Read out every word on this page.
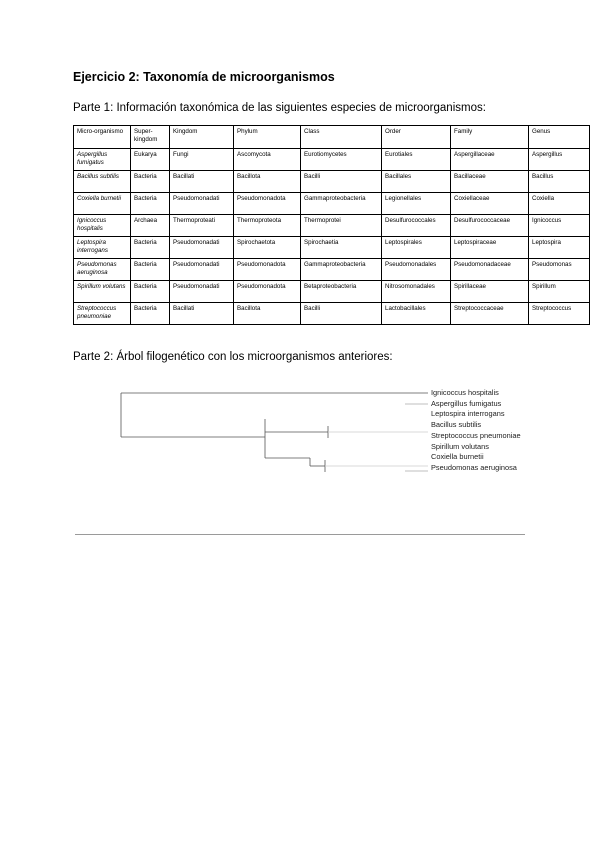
Ejercicio 2: Taxonomía de microorganismos
Parte 1: Información taxonómica de las siguientes especies de microorganismos:
Micro-organismo	Super-kingdom	Kingdom	Phylum	Class	Order	Family	Genus
Aspergillus fumigatus	Eukarya	Fungi	Ascomycota	Eurotiomycetes	Eurotiales	Aspergillaceae	Aspergillus
Bacillus subtilis	Bacteria	Bacillati	Bacillota	Bacilli	Bacillales	Bacillaceae	Bacillus
Coxiella burnetii	Bacteria	Pseudomonadati	Pseudomonadota	Gammaproteobacteria	Legionellales	Coxiellaceae	Coxiella
Ignicoccus hospitalis	Archaea	Thermoproteati	Thermoproteota	Thermoprotei	Desulfurococcales	Desulfurococcaceae	Ignicoccus
Leptospira interrogans	Bacteria	Pseudomonadati	Spirochaetota	Spirochaetia	Leptospirales	Leptospiraceae	Leptospira
Pseudomonas aeruginosa	Bacteria	Pseudomonadati	Pseudomonadota	Gammaproteobacteria	Pseudomonadales	Pseudomonadaceae	Pseudomonas
Spirillum volutans	Bacteria	Pseudomonadati	Pseudomonadota	Betaproteobacteria	Nitrosomonadales	Spirillaceae	Spirillum
Streptococcus pneumoniae	Bacteria	Bacillati	Bacillota	Bacilli	Lactobacillales	Streptococcaceae	Streptococcus
Parte 2: Árbol filogenético con los microorganismos anteriores:
Ignicoccus hospitalis
Aspergillus fumigatus
Leptospira interrogans
Bacillus subtilis
Streptococcus pneumoniae
Spirillum volutans
Coxiella burnetii
Pseudomonas aeruginosa
